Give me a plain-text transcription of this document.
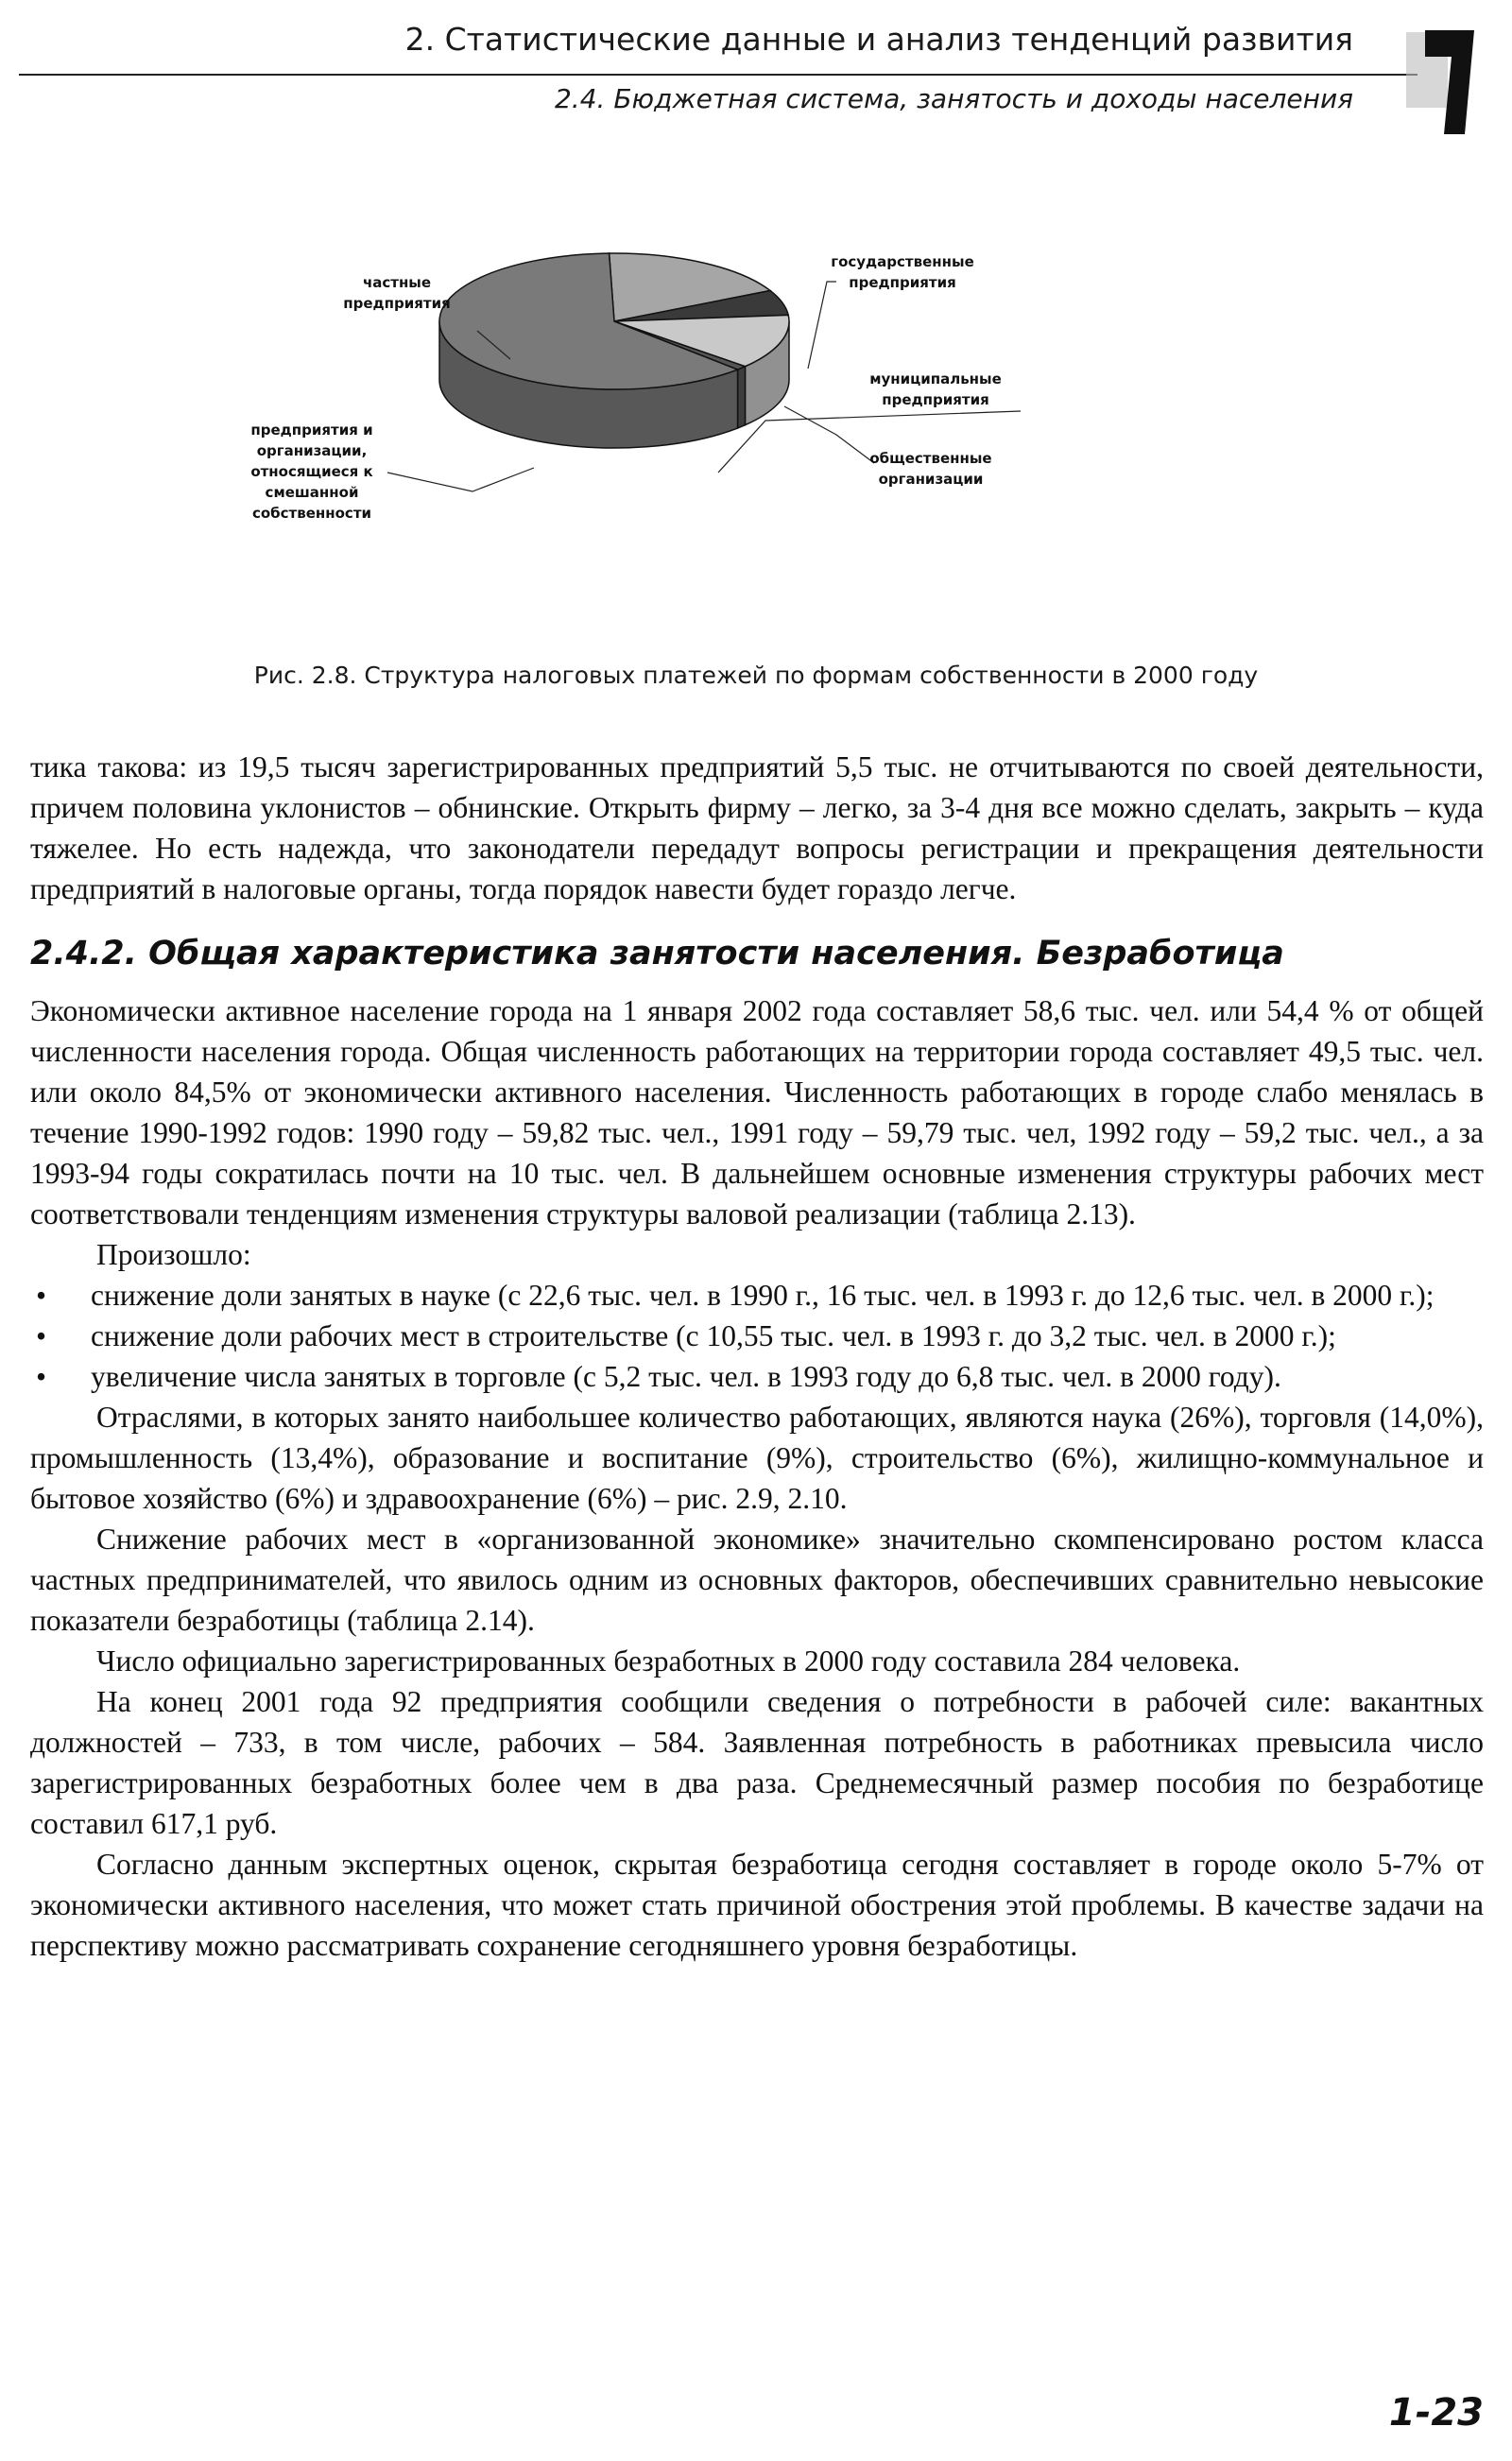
2. Статистические данные и анализ тенденций развития
2.4. Бюджетная система, занятость и доходы населения
частные предприятия
государственные предприятия
муниципальные предприятия
общественные организации
предприятия и организации, относящиеся к смешанной собственности
Рис. 2.8. Структура налоговых платежей по формам собственности в 2000 году

тика такова: из 19,5 тысяч зарегистрированных предприятий 5,5 тыс. не отчитываются по своей деятельности, причем половина уклонистов – обнинские. Открыть фирму – легко, за 3-4 дня все можно сделать, закрыть – куда тяжелее. Но есть надежда, что законодатели передадут вопросы регистрации и прекращения деятельности предприятий в налоговые органы, тогда порядок навести будет гораздо легче.

2.4.2. Общая характеристика занятости населения. Безработица

Экономически активное население города на 1 января 2002 года составляет 58,6 тыс. чел. или 54,4 % от общей численности населения города. Общая численность работающих на территории города составляет 49,5 тыс. чел. или около 84,5% от экономически активного населения. Численность работающих в городе слабо менялась в течение 1990-1992 годов: 1990 году – 59,82 тыс. чел., 1991 году – 59,79 тыс. чел, 1992 году – 59,2 тыс. чел., а за 1993-94 годы сократилась почти на 10 тыс. чел. В дальнейшем основные изменения структуры рабочих мест соответствовали тенденциям изменения структуры валовой реализации (таблица 2.13).

Произошло:

• снижение доли занятых в науке (с 22,6 тыс. чел. в 1990 г., 16 тыс. чел. в 1993 г. до 12,6 тыс. чел. в 2000 г.);
• снижение доли рабочих мест в строительстве (с 10,55 тыс. чел. в 1993 г. до 3,2 тыс. чел. в 2000 г.);
• увеличение числа занятых в торговле (с 5,2 тыс. чел. в 1993 году до 6,8 тыс. чел. в 2000 году).

Отраслями, в которых занято наибольшее количество работающих, являются наука (26%), торговля (14,0%), промышленность (13,4%), образование и воспитание (9%), строительство (6%), жилищно-коммунальное и бытовое хозяйство (6%) и здравоохранение (6%) – рис. 2.9, 2.10.

Снижение рабочих мест в «организованной экономике» значительно скомпенсировано ростом класса частных предпринимателей, что явилось одним из основных факторов, обеспечивших сравнительно невысокие показатели безработицы (таблица 2.14).

Число официально зарегистрированных безработных в 2000 году составила 284 человека.

На конец 2001 года 92 предприятия сообщили сведения о потребности в рабочей силе: вакантных должностей – 733, в том числе, рабочих – 584. Заявленная потребность в работниках превысила число зарегистрированных безработных более чем в два раза. Среднемесячный размер пособия по безработице составил 617,1 руб.

Согласно данным экспертных оценок, скрытая безработица сегодня составляет в городе около 5-7% от экономически активного населения, что может стать причиной обострения этой проблемы. В качестве задачи на перспективу можно рассматривать сохранение сегодняшнего уровня безработицы.

1-23
